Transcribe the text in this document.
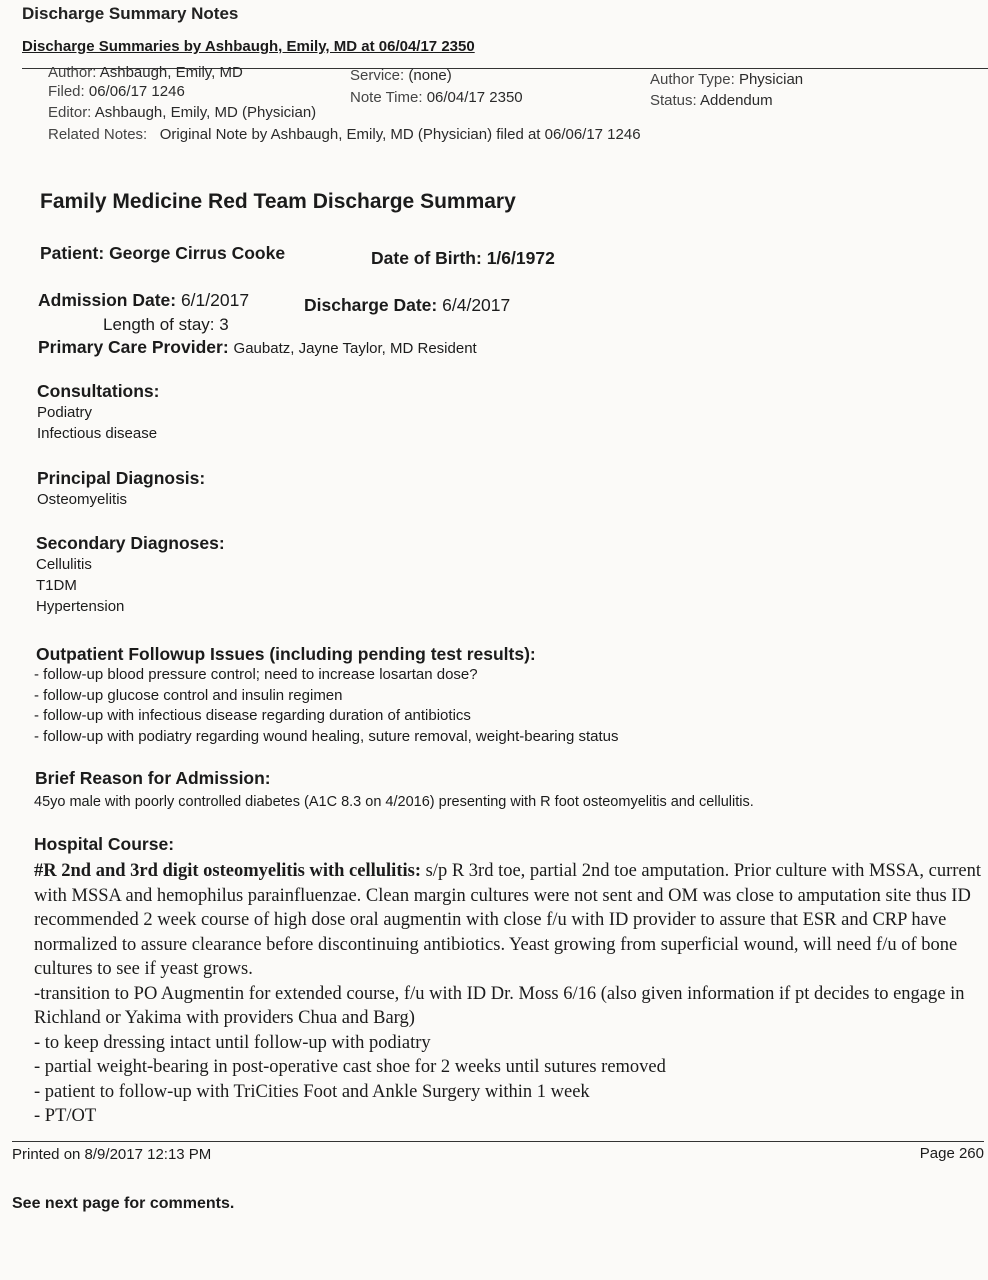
Discharge Summary Notes
Discharge Summaries by Ashbaugh, Emily, MD at 06/04/17 2350
Author: Ashbaugh, Emily, MD	Service: (none)	Author Type: Physician
Filed: 06/06/17 1246	Note Time: 06/04/17 2350	Status: Addendum
Editor: Ashbaugh, Emily, MD (Physician)
Related Notes: Original Note by Ashbaugh, Emily, MD (Physician) filed at 06/06/17 1246
Family Medicine Red Team Discharge Summary
Patient: George Cirrus Cooke	Date of Birth: 1/6/1972
Admission Date: 6/1/2017	Discharge Date: 6/4/2017
Length of stay: 3
Primary Care Provider: Gaubatz, Jayne Taylor, MD Resident
Consultations:
Podiatry
Infectious disease
Principal Diagnosis:
Osteomyelitis
Secondary Diagnoses:
Cellulitis
T1DM
Hypertension
Outpatient Followup Issues (including pending test results):
- follow-up blood pressure control; need to increase losartan dose?
- follow-up glucose control and insulin regimen
- follow-up with infectious disease regarding duration of antibiotics
- follow-up with podiatry regarding wound healing, suture removal, weight-bearing status
Brief Reason for Admission:
45yo male with poorly controlled diabetes (A1C 8.3 on 4/2016) presenting with R foot osteomyelitis and cellulitis.
Hospital Course:

#R 2nd and 3rd digit osteomyelitis with cellulitis: s/p R 3rd toe, partial 2nd toe amputation. Prior culture with MSSA, current with MSSA and hemophilus parainfluenzae. Clean margin cultures were not sent and OM was close to amputation site thus ID recommended 2 week course of high dose oral augmentin with close f/u with ID provider to assure that ESR and CRP have normalized to assure clearance before discontinuing antibiotics. Yeast growing from superficial wound, will need f/u of bone cultures to see if yeast grows.

-transition to PO Augmentin for extended course, f/u with ID Dr. Moss 6/16 (also given information if pt decides to engage in Richland or Yakima with providers Chua and Barg)

- to keep dressing intact until follow-up with podiatry

- partial weight-bearing in post-operative cast shoe for 2 weeks until sutures removed

- patient to follow-up with TriCities Foot and Ankle Surgery within 1 week

- PT/OT

Printed on 8/9/2017 12:13 PM	Page 260
See next page for comments.
